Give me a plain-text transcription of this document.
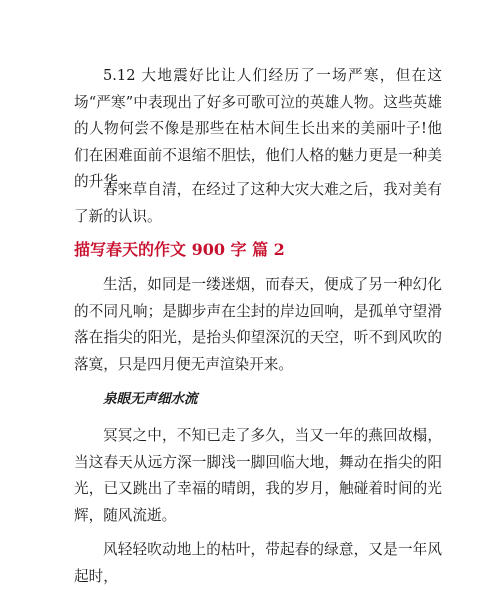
5.12 大地震好比让人们经历了一场严寒，但在这场“严寒”中表现出了好多可歌可泣的英雄人物。这些英雄的人物何尝不像是那些在枯木间生长出来的美丽叶子!他们在困难面前不退缩不胆怯，他们人格的魅力更是一种美的升华。

春来草自清，在经过了这种大灾大难之后，我对美有了新的认识。

描写春天的作文 900 字 篇 2

生活，如同是一缕迷烟，而春天，便成了另一种幻化的不同凡响；是脚步声在尘封的岸边回响，是孤单守望滑落在指尖的阳光，是抬头仰望深沉的天空，听不到风吹的落寞，只是四月便无声渲染开来。

泉眼无声细水流

冥冥之中，不知已走了多久，当又一年的燕回故榻，当这春天从远方深一脚浅一脚回临大地，舞动在指尖的阳光，已又跳出了幸福的晴朗，我的岁月，触碰着时间的光辉，随风流逝。

风轻轻吹动地上的枯叶，带起春的绿意，又是一年风起时，
